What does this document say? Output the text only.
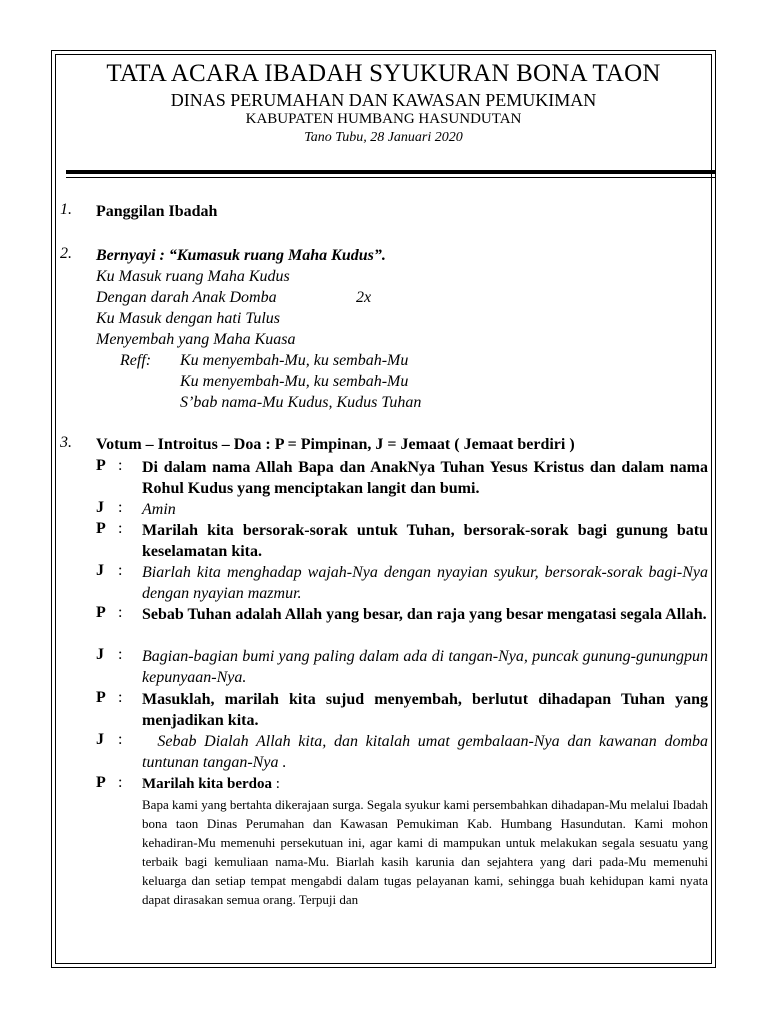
TATA ACARA IBADAH SYUKURAN BONA TAON
DINAS PERUMAHAN DAN KAWASAN PEMUKIMAN
KABUPATEN HUMBANG HASUNDUTAN
Tano Tubu, 28 Januari 2020
1. Panggilan Ibadah
2. Bernyayi : “Kumasuk ruang Maha Kudus”.
Ku Masuk ruang Maha Kudus
Dengan darah Anak Domba	2x
Ku Masuk dengan hati Tulus
Menyembah yang Maha Kuasa
Reff: Ku menyembah-Mu, ku sembah-Mu
Ku menyembah-Mu, ku sembah-Mu
S’bab nama-Mu Kudus, Kudus Tuhan
3. Votum – Introitus – Doa : P = Pimpinan, J = Jemaat ( Jemaat berdiri )
P : Di dalam nama Allah Bapa dan AnakNya Tuhan Yesus Kristus dan dalam nama Rohul Kudus yang menciptakan langit dan bumi.
J : Amin
P : Marilah kita bersorak-sorak untuk Tuhan, bersorak-sorak bagi gunung batu keselamatan kita.
J : Biarlah kita menghadap wajah-Nya dengan nyayian syukur, bersorak-sorak bagi-Nya dengan nyayian mazmur.
P : Sebab Tuhan adalah Allah yang besar, dan raja yang besar mengatasi segala Allah.
J : Bagian-bagian bumi yang paling dalam ada di tangan-Nya, puncak gunung-gunungpun kepunyaan-Nya.
P : Masuklah, marilah kita sujud menyembah, berlutut dihadapan Tuhan yang menjadikan kita.
J : Sebab Dialah Allah kita, dan kitalah umat gembalaan-Nya dan kawanan domba tuntunan tangan-Nya .
P : Marilah kita berdoa :
Bapa kami yang bertahta dikerajaan surga. Segala syukur kami persembahkan dihadapan-Mu melalui Ibadah bona taon Dinas Perumahan dan Kawasan Pemukiman Kab. Humbang Hasundutan. Kami mohon kehadiran-Mu memenuhi persekutuan ini, agar kami di mampukan untuk melakukan segala sesuatu yang terbaik bagi kemuliaan nama-Mu. Biarlah kasih karunia dan sejahtera yang dari pada-Mu memenuhi keluarga dan setiap tempat mengabdi dalam tugas pelayanan kami, sehingga buah kehidupan kami nyata dapat dirasakan semua orang. Terpuji dan
